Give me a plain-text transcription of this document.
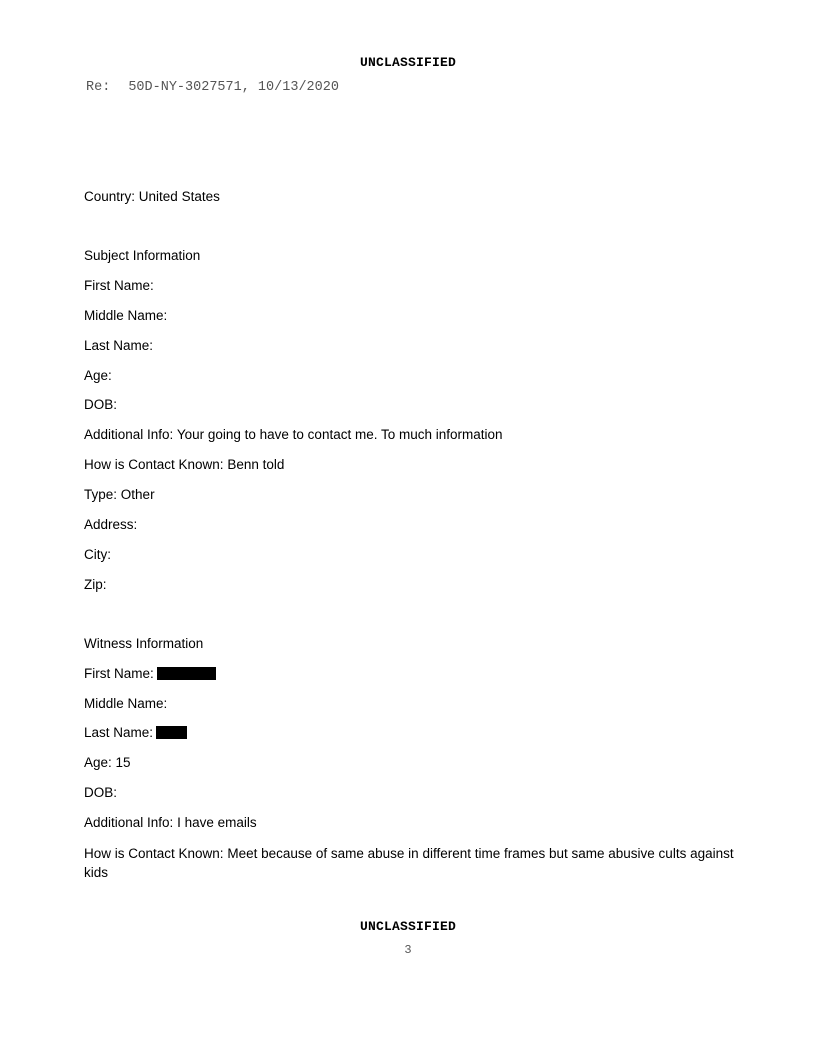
UNCLASSIFIED
Re: 50D-NY-3027571, 10/13/2020
Country: United States
Subject Information
First Name:
Middle Name:
Last Name:
Age:
DOB:
Additional Info: Your going to have to contact me. To much information
How is Contact Known: Benn told
Type: Other
Address:
City:
Zip:
Witness Information
First Name:
Middle Name:
Last Name:
Age: 15
DOB:
Additional Info: I have emails
How is Contact Known: Meet because of same abuse in different time frames but same abusive cults against kids
UNCLASSIFIED
3
